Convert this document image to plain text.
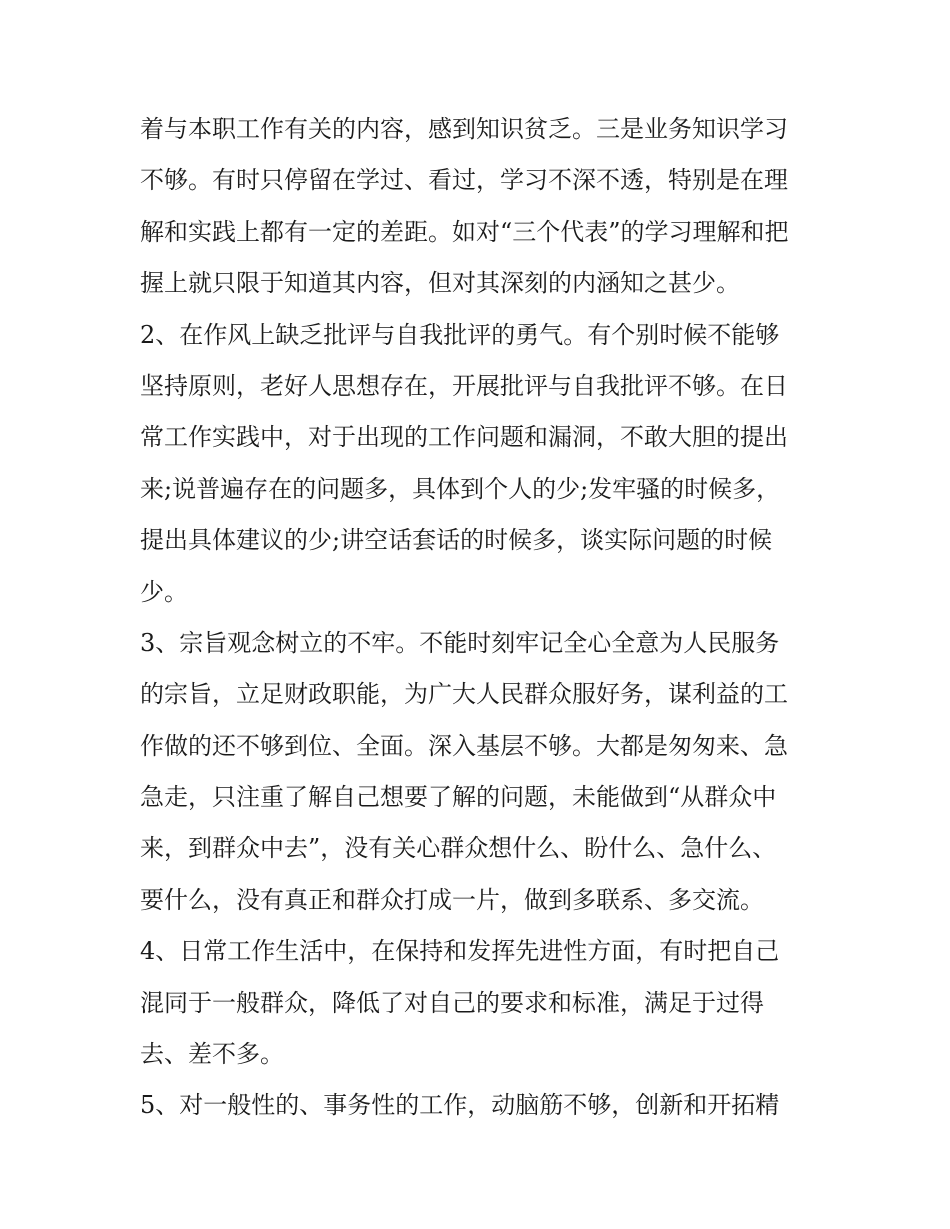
着与本职工作有关的内容，感到知识贫乏。三是业务知识学习
不够。有时只停留在学过、看过，学习不深不透，特别是在理
解和实践上都有一定的差距。如对“三个代表”的学习理解和把
握上就只限于知道其内容，但对其深刻的内涵知之甚少。
2、在作风上缺乏批评与自我批评的勇气。有个别时候不能够
坚持原则，老好人思想存在，开展批评与自我批评不够。在日
常工作实践中，对于出现的工作问题和漏洞，不敢大胆的提出
来;说普遍存在的问题多，具体到个人的少;发牢骚的时候多，
提出具体建议的少;讲空话套话的时候多，谈实际问题的时候
少。
3、宗旨观念树立的不牢。不能时刻牢记全心全意为人民服务
的宗旨，立足财政职能，为广大人民群众服好务，谋利益的工
作做的还不够到位、全面。深入基层不够。大都是匆匆来、急
急走，只注重了解自己想要了解的问题，未能做到“从群众中
来，到群众中去”，没有关心群众想什么、盼什么、急什么、
要什么，没有真正和群众打成一片，做到多联系、多交流。
4、日常工作生活中，在保持和发挥先进性方面，有时把自己
混同于一般群众，降低了对自己的要求和标准，满足于过得
去、差不多。
5、对一般性的、事务性的工作，动脑筋不够，创新和开拓精
